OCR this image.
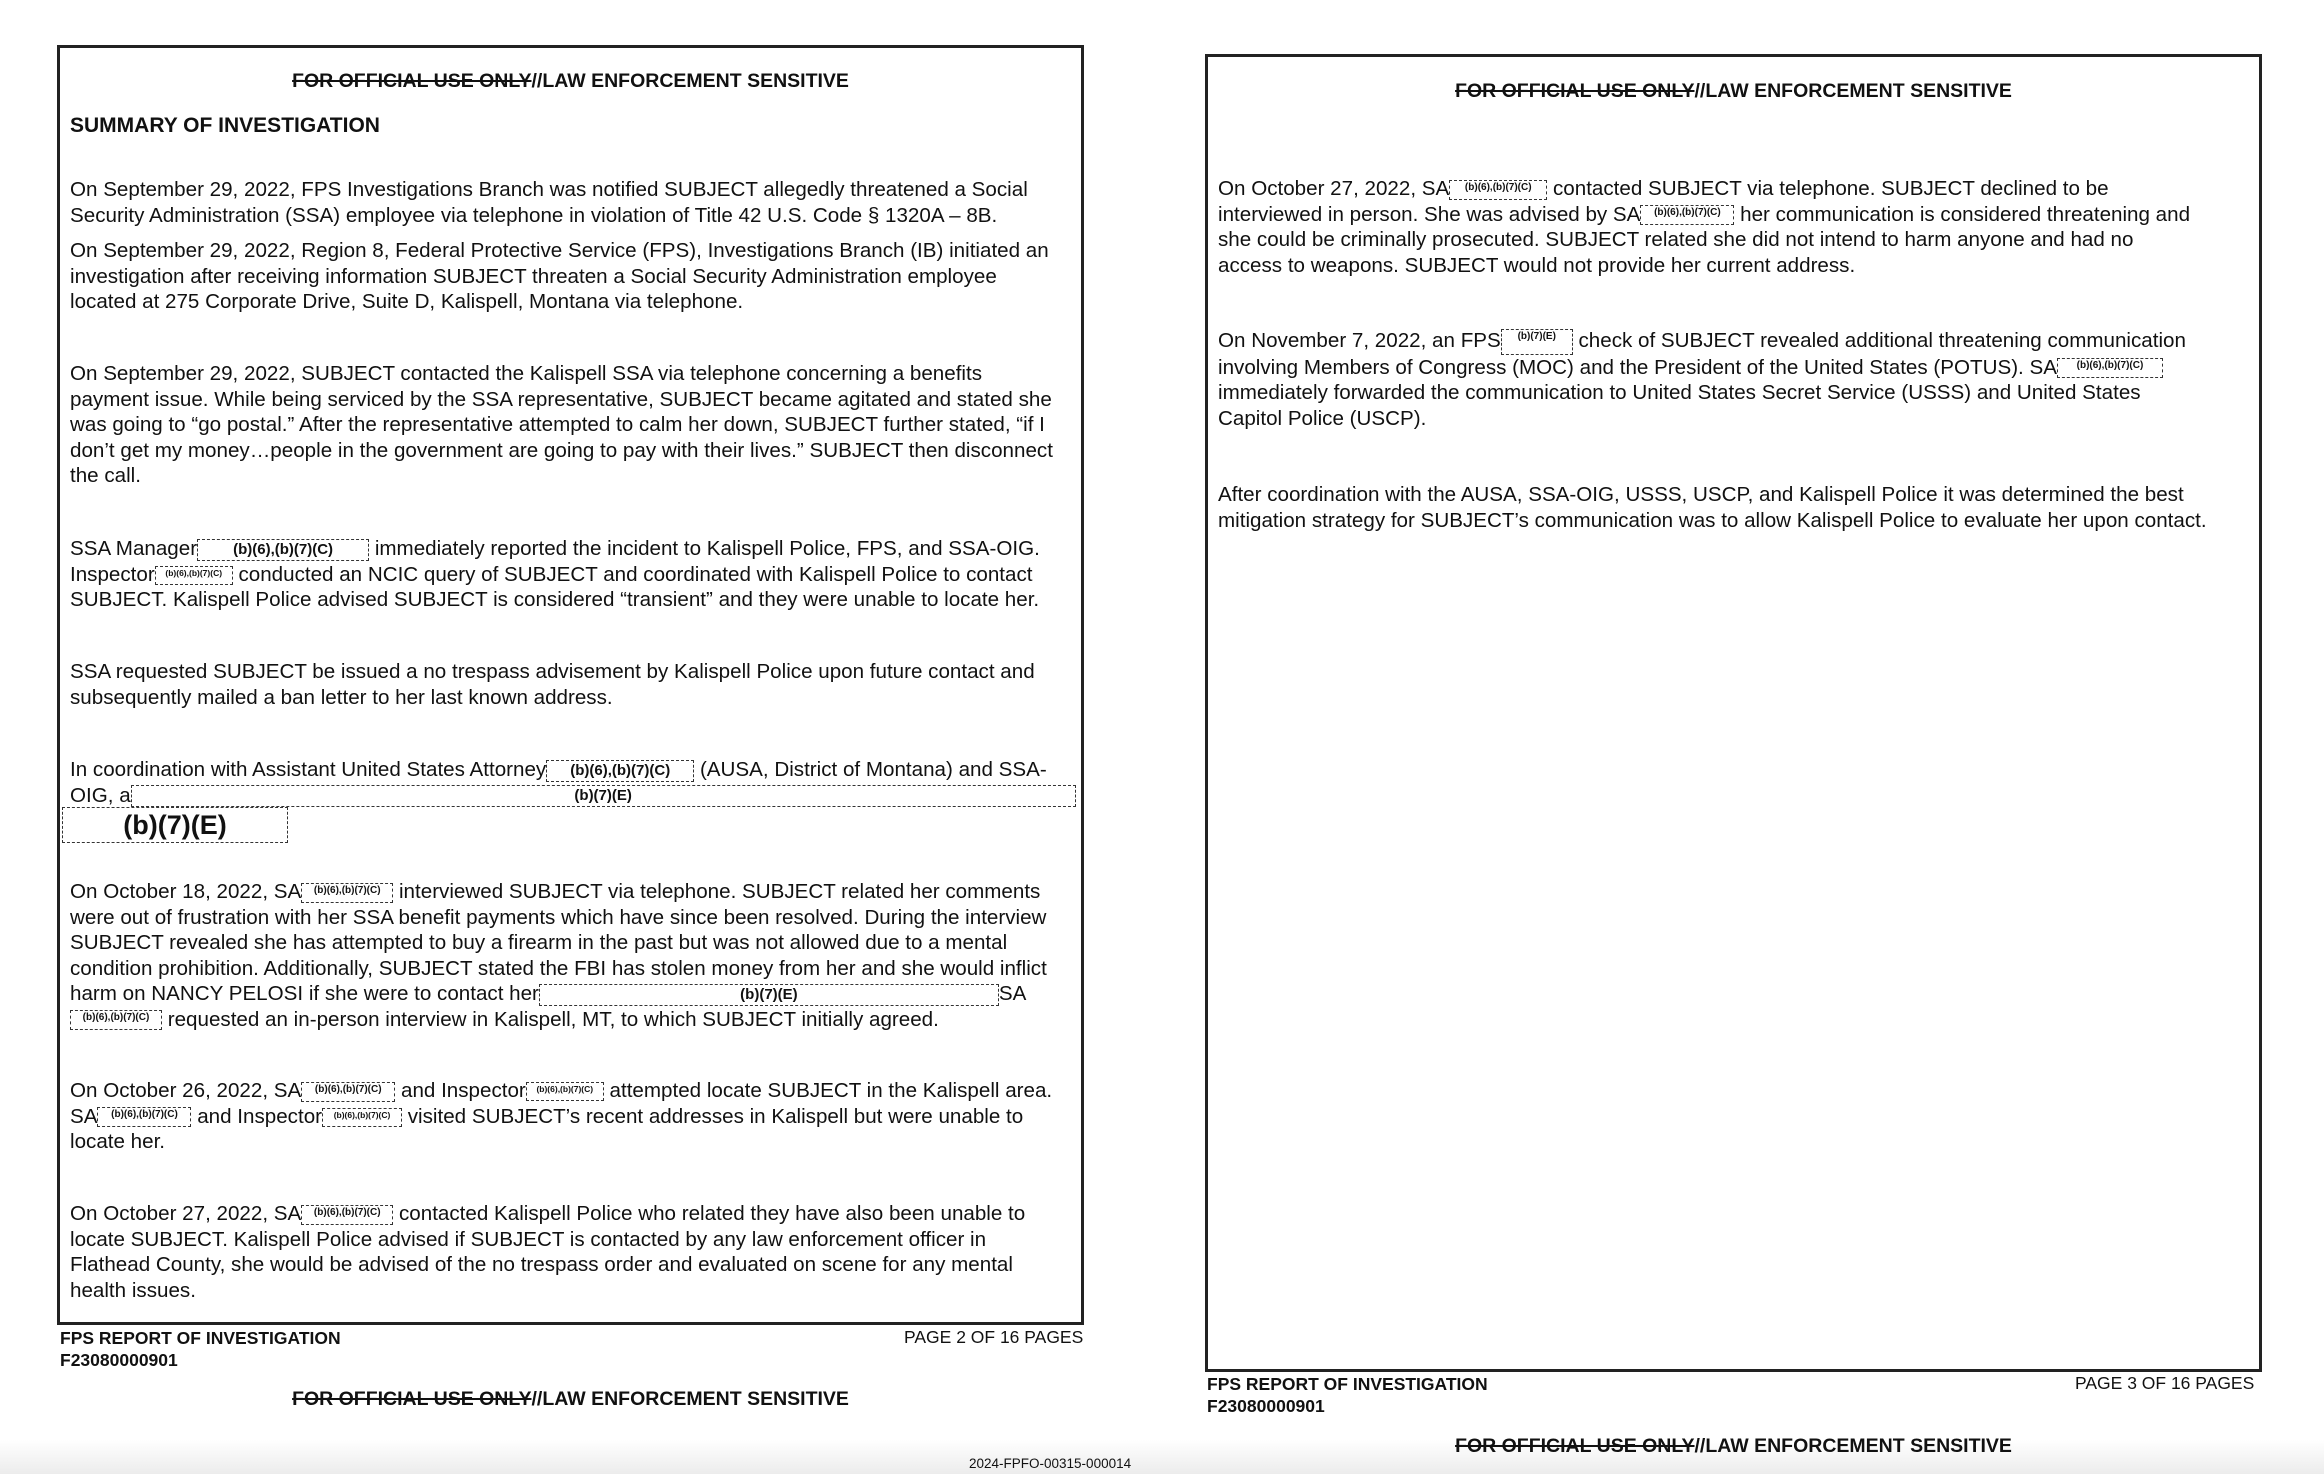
FOR OFFICIAL USE ONLY//LAW ENFORCEMENT SENSITIVE
SUMMARY OF INVESTIGATION
On September 29, 2022, FPS Investigations Branch was notified SUBJECT allegedly threatened a Social
Security Administration (SSA) employee via telephone in violation of Title 42 U.S. Code § 1320A – 8B.
On September 29, 2022, Region 8, Federal Protective Service (FPS), Investigations Branch (IB) initiated an
investigation after receiving information SUBJECT threaten a Social Security Administration employee
located at 275 Corporate Drive, Suite D, Kalispell, Montana via telephone.
On September 29, 2022, SUBJECT contacted the Kalispell SSA via telephone concerning a benefits
payment issue. While being serviced by the SSA representative, SUBJECT became agitated and stated she
was going to “go postal.” After the representative attempted to calm her down, SUBJECT further stated, “if I
don’t get my money…people in the government are going to pay with their lives.” SUBJECT then disconnect
the call.
SSA Manager (b)(6),(b)(7)(C) immediately reported the incident to Kalispell Police, FPS, and SSA-OIG.
Inspector (b)(6),(b)(7)(C) conducted an NCIC query of SUBJECT and coordinated with Kalispell Police to contact
SUBJECT. Kalispell Police advised SUBJECT is considered “transient” and they were unable to locate her.
SSA requested SUBJECT be issued a no trespass advisement by Kalispell Police upon future contact and
subsequently mailed a ban letter to her last known address.
In coordination with Assistant United States Attorney (b)(6),(b)(7)(C) (AUSA, District of Montana) and SSA-
OIG, a	(b)(7)(E)
(b)(7)(E)
On October 18, 2022, SA (b)(6),(b)(7)(C) interviewed SUBJECT via telephone. SUBJECT related her comments
were out of frustration with her SSA benefit payments which have since been resolved. During the interview
SUBJECT revealed she has attempted to buy a firearm in the past but was not allowed due to a mental
condition prohibition. Additionally, SUBJECT stated the FBI has stolen money from her and she would inflict
harm on NANCY PELOSI if she were to contact her	(b)(7)(E)	SA
(b)(6),(b)(7)(C) requested an in-person interview in Kalispell, MT, to which SUBJECT initially agreed.
On October 26, 2022, SA (b)(6),(b)(7)(C) and Inspector (b)(6),(b)(7)(C) attempted locate SUBJECT in the Kalispell area.
SA (b)(6),(b)(7)(C) and Inspector (b)(6),(b)(7)(C) visited SUBJECT’s recent addresses in Kalispell but were unable to
locate her.
On October 27, 2022, SA (b)(6),(b)(7)(C) contacted Kalispell Police who related they have also been unable to
locate SUBJECT. Kalispell Police advised if SUBJECT is contacted by any law enforcement officer in
Flathead County, she would be advised of the no trespass order and evaluated on scene for any mental
health issues.
FPS REPORT OF INVESTIGATION
F23080000901
PAGE 2 OF 16 PAGES
FOR OFFICIAL USE ONLY//LAW ENFORCEMENT SENSITIVE
FOR OFFICIAL USE ONLY//LAW ENFORCEMENT SENSITIVE
On October 27, 2022, SA (b)(6),(b)(7)(C) contacted SUBJECT via telephone. SUBJECT declined to be
interviewed in person. She was advised by SA (b)(6),(b)(7)(C) her communication is considered threatening and
she could be criminally prosecuted. SUBJECT related she did not intend to harm anyone and had no
access to weapons. SUBJECT would not provide her current address.
On November 7, 2022, an FPS (b)(7)(E) check of SUBJECT revealed additional threatening communication
involving Members of Congress (MOC) and the President of the United States (POTUS). SA (b)(6),(b)(7)(C)
immediately forwarded the communication to United States Secret Service (USSS) and United States
Capitol Police (USCP).
After coordination with the AUSA, SSA-OIG, USSS, USCP, and Kalispell Police it was determined the best
mitigation strategy for SUBJECT’s communication was to allow Kalispell Police to evaluate her upon contact.
FPS REPORT OF INVESTIGATION
F23080000901
PAGE 3 OF 16 PAGES
FOR OFFICIAL USE ONLY//LAW ENFORCEMENT SENSITIVE
2024-FPFO-00315-000014
